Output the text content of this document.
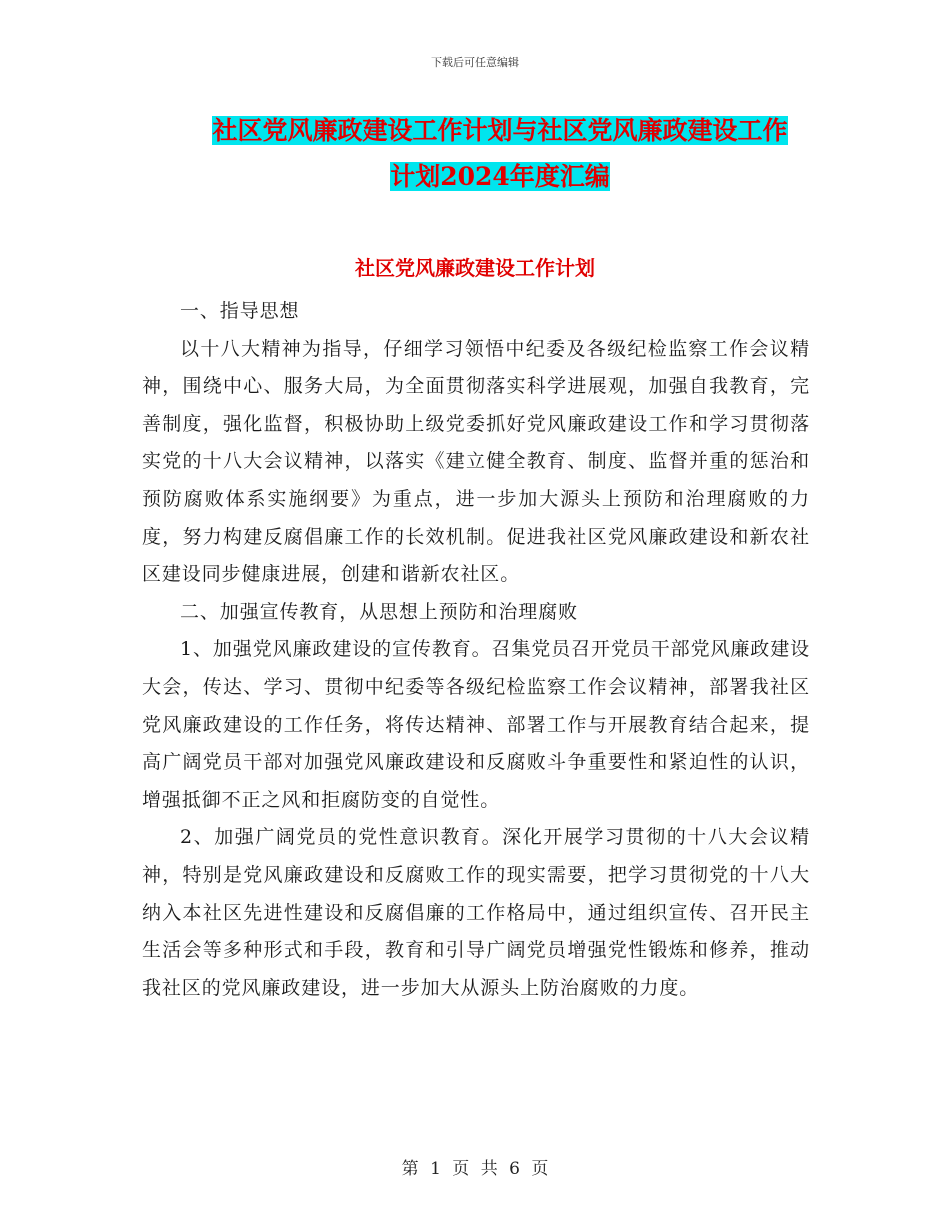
下载后可任意编辑
社区党风廉政建设工作计划与社区党风廉政建设工作
计划2024年度汇编
社区党风廉政建设工作计划

一、指导思想

以十八大精神为指导，仔细学习领悟中纪委及各级纪检监察工作会议精神，围绕中心、服务大局，为全面贯彻落实科学进展观，加强自我教育，完善制度，强化监督，积极协助上级党委抓好党风廉政建设工作和学习贯彻落实党的十八大会议精神，以落实《建立健全教育、制度、监督并重的惩治和预防腐败体系实施纲要》为重点，进一步加大源头上预防和治理腐败的力度，努力构建反腐倡廉工作的长效机制。促进我社区党风廉政建设和新农社区建设同步健康进展，创建和谐新农社区。

二、加强宣传教育，从思想上预防和治理腐败

1、加强党风廉政建设的宣传教育。召集党员召开党员干部党风廉政建设大会，传达、学习、贯彻中纪委等各级纪检监察工作会议精神，部署我社区党风廉政建设的工作任务，将传达精神、部署工作与开展教育结合起来，提高广阔党员干部对加强党风廉政建设和反腐败斗争重要性和紧迫性的认识，增强抵御不正之风和拒腐防变的自觉性。

2、加强广阔党员的党性意识教育。深化开展学习贯彻的十八大会议精神，特别是党风廉政建设和反腐败工作的现实需要，把学习贯彻党的十八大纳入本社区先进性建设和反腐倡廉的工作格局中，通过组织宣传、召开民主生活会等多种形式和手段，教育和引导广阔党员增强党性锻炼和修养，推动我社区的党风廉政建设，进一步加大从源头上防治腐败的力度。

第 1 页 共 6 页
